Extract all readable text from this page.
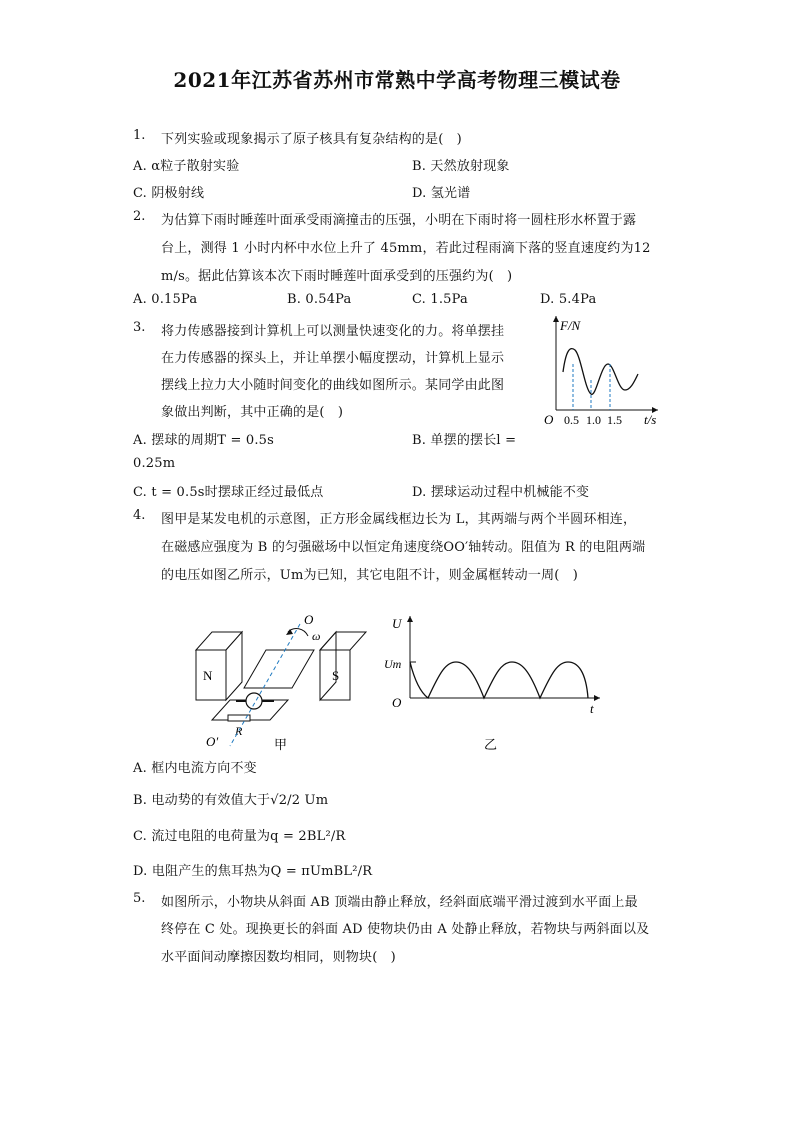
2021年江苏省苏州市常熟中学高考物理三模试卷
1. 下列实验或现象揭示了原子核具有复杂结构的是(　)
A. α粒子散射实验	B. 天然放射现象
C. 阴极射线	D. 氢光谱
2. 为估算下雨时睡莲叶面承受雨滴撞击的压强，小明在下雨时将一圆柱形水杯置于露
台上，测得 1 小时内杯中水位上升了 45mm，若此过程雨滴下落的竖直速度约为12
m/s。据此估算该本次下雨时睡莲叶面承受到的压强约为(　)
A. 0.15Pa	B. 0.54Pa	C. 1.5Pa	D. 5.4Pa
3. 将力传感器接到计算机上可以测量快速变化的力。将单摆挂
在力传感器的探头上，并让单摆小幅度摆动，计算机上显示
摆线上拉力大小随时间变化的曲线如图所示。某同学由此图
象做出判断，其中正确的是(　)
F/N
t/s
O 0.5 1.0 1.5
A. 摆球的周期T = 0.5s	B. 单摆的摆长l =
0.25m
C. t = 0.5s时摆球正经过最低点	D. 摆球运动过程中机械能不变
4. 图甲是某发电机的示意图，正方形金属线框边长为 L，其两端与两个半圆环相连，
在磁感应强度为 B 的匀强磁场中以恒定角速度绕OO′轴转动。阻值为 R 的电阻两端
的电压如图乙所示，Um为已知，其它电阻不计，则金属框转动一周(　)
N	S
R
O
O′
ω
甲
U
Um
O	t
乙
A. 框内电流方向不变
B. 电动势的有效值大于√2/2 Um
C. 流过电阻的电荷量为q = 2BL²/R
D. 电阻产生的焦耳热为Q = πUmBL²/R
5. 如图所示，小物块从斜面 AB 顶端由静止释放，经斜面底端平滑过渡到水平面上最
终停在 C 处。现换更长的斜面 AD 使物块仍由 A 处静止释放，若物块与两斜面以及
水平面间动摩擦因数均相同，则物块(　)
